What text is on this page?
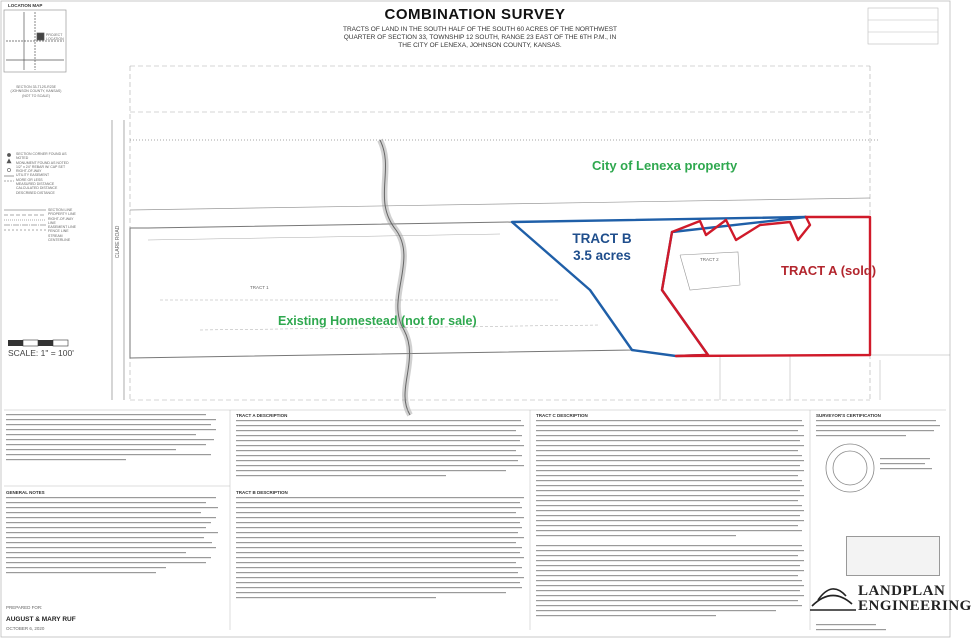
COMBINATION SURVEY
TRACTS OF LAND IN THE SOUTH HALF OF THE SOUTH 60 ACRES OF THE NORTHWEST
QUARTER OF SECTION 33, TOWNSHIP 12 SOUTH, RANGE 23 EAST OF THE 6TH P.M., IN
THE CITY OF LENEXA, JOHNSON COUNTY, KANSAS.
LOCATION MAP
PROJECT LOCATION
SECTION 33-T12S-R23E (JOHNSON COUNTY, KANSAS) (NOT TO SCALE)
SECTION CORNER FOUND AS NOTED
MONUMENT FOUND AS NOTED
1/2" x 24" REBAR W/ CAP SET
RIGHT-OF-WAY
UTILITY EASEMENT
MORE OR LESS
MEASURED DISTANCE
CALCULATED DISTANCE
DESCRIBED DISTANCE
SECTION LINE
PROPERTY LINE
RIGHT-OF-WAY LINE
EASEMENT LINE
FENCE LINE
STREAM CENTERLINE
SCALE: 1" = 100'
CLARE ROAD
City of Lenexa property
Existing Homestead (not for sale)
TRACT B
3.5 acres
TRACT A (sold)
TRACT 1
TRACT 2
TRACT A DESCRIPTION
TRACT B DESCRIPTION
TRACT C DESCRIPTION	SURVEYOR'S CERTIFICATION
GENERAL NOTES
PREPARED FOR:
AUGUST & MARY RUF
OCTOBER 6, 2020
LANDPLAN
ENGINEERING
